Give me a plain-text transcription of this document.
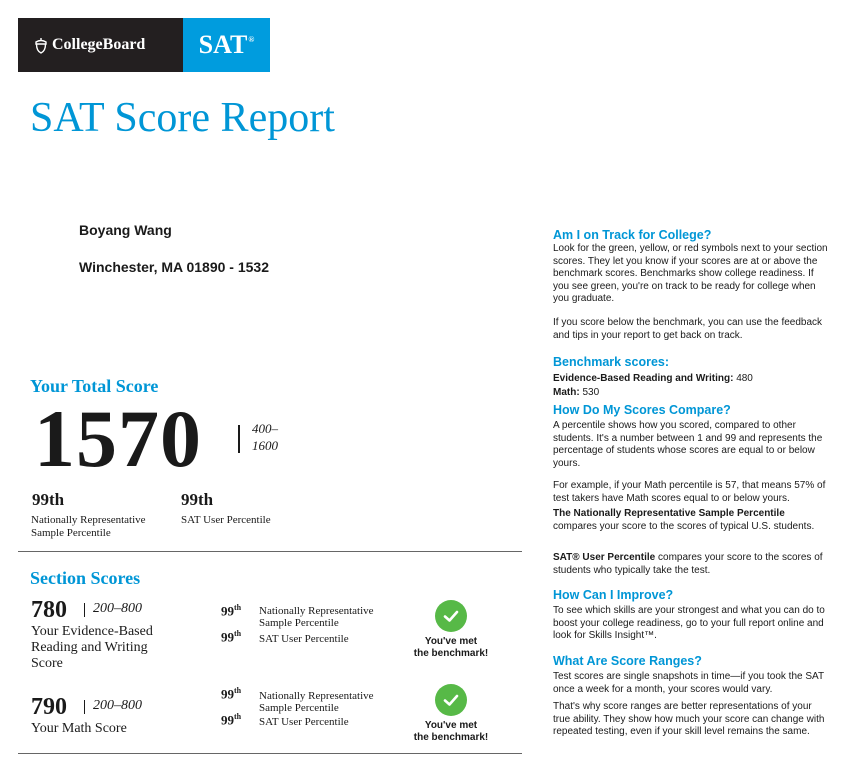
CollegeBoard SAT®
SAT Score Report
Boyang Wang
Winchester, MA 01890 - 1532
Your Total Score
1570	400–
1600
99th
Nationally Representative
Sample Percentile
99th
SAT User Percentile
Section Scores
780 200–800
Your Evidence-Based
Reading and Writing
Score
99th Nationally Representative
Sample Percentile
99th SAT User Percentile	You've met
the benchmark!
790 200–800
Your Math Score
99th Nationally Representative
Sample Percentile
99th SAT User Percentile	You've met
the benchmark!
Am I on Track for College?
Look for the green, yellow, or red symbols next to your section scores. They let you know if your scores are at or above the benchmark scores. Benchmarks show college readiness. If you see green, you're on track to be ready for college when you graduate.
If you score below the benchmark, you can use the feedback and tips in your report to get back on track.
Benchmark scores:
Evidence-Based Reading and Writing: 480
Math: 530
How Do My Scores Compare?
A percentile shows how you scored, compared to other students. It's a number between 1 and 99 and represents the percentage of students whose scores are equal to or below yours.
For example, if your Math percentile is 57, that means 57% of test takers have Math scores equal to or below yours.
The Nationally Representative Sample Percentile compares your score to the scores of typical U.S. students.
SAT® User Percentile compares your score to the scores of students who typically take the test.
How Can I Improve?
To see which skills are your strongest and what you can do to boost your college readiness, go to your full report online and look for Skills Insight™.
What Are Score Ranges?
Test scores are single snapshots in time—if you took the SAT once a week for a month, your scores would vary.
That's why score ranges are better representations of your true ability. They show how much your score can change with repeated testing, even if your skill level remains the same.
